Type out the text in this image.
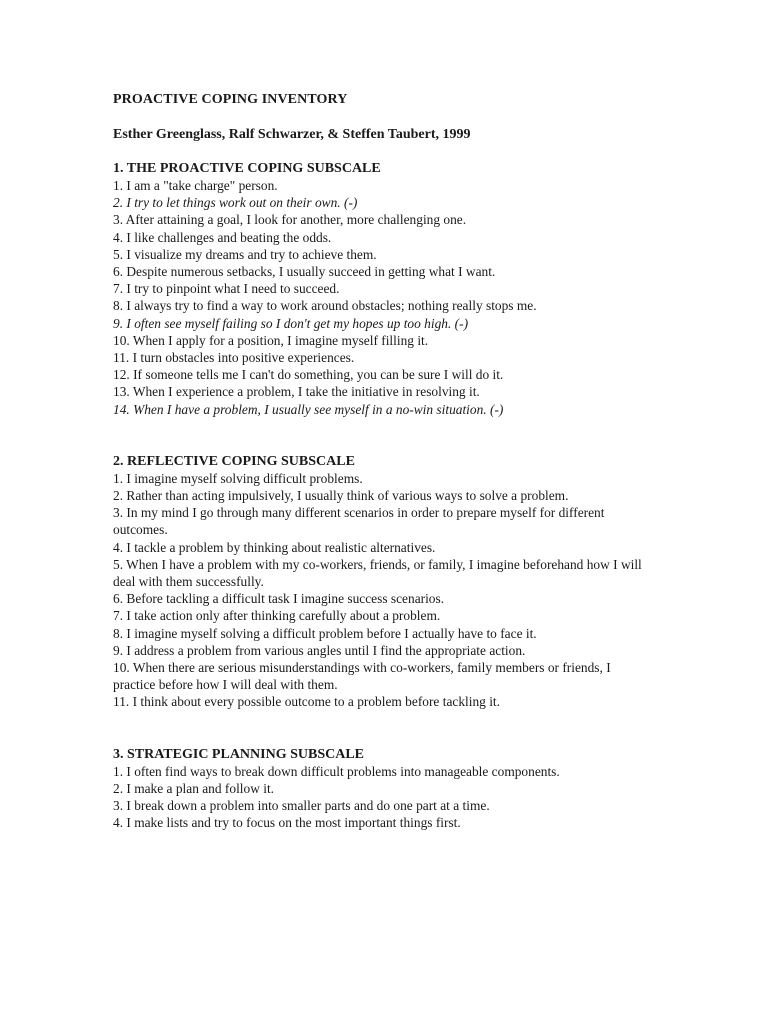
PROACTIVE COPING INVENTORY

Esther Greenglass, Ralf Schwarzer, & Steffen Taubert, 1999

1. THE PROACTIVE COPING SUBSCALE
1. I am a "take charge" person.
2. I try to let things work out on their own. (-)
3. After attaining a goal, I look for another, more challenging one.
4. I like challenges and beating the odds.
5. I visualize my dreams and try to achieve them.
6. Despite numerous setbacks, I usually succeed in getting what I want.
7. I try to pinpoint what I need to succeed.
8. I always try to find a way to work around obstacles; nothing really stops me.
9. I often see myself failing so I don't get my hopes up too high. (-)
10. When I apply for a position, I imagine myself filling it.
11. I turn obstacles into positive experiences.
12. If someone tells me I can't do something, you can be sure I will do it.
13. When I experience a problem, I take the initiative in resolving it.
14. When I have a problem, I usually see myself in a no-win situation. (-)
2. REFLECTIVE COPING SUBSCALE
1. I imagine myself solving difficult problems.
2. Rather than acting impulsively, I usually think of various ways to solve a problem.
3. In my mind I go through many different scenarios in order to prepare myself for different outcomes.
4. I tackle a problem by thinking about realistic alternatives.
5. When I have a problem with my co-workers, friends, or family, I imagine beforehand how I will deal with them successfully.
6. Before tackling a difficult task I imagine success scenarios.
7. I take action only after thinking carefully about a problem.
8. I imagine myself solving a difficult problem before I actually have to face it.
9. I address a problem from various angles until I find the appropriate action.
10. When there are serious misunderstandings with co-workers, family members or friends, I practice before how I will deal with them.
11. I think about every possible outcome to a problem before tackling it.
3. STRATEGIC PLANNING SUBSCALE
1. I often find ways to break down difficult problems into manageable components.
2. I make a plan and follow it.
3. I break down a problem into smaller parts and do one part at a time.
4. I make lists and try to focus on the most important things first.
